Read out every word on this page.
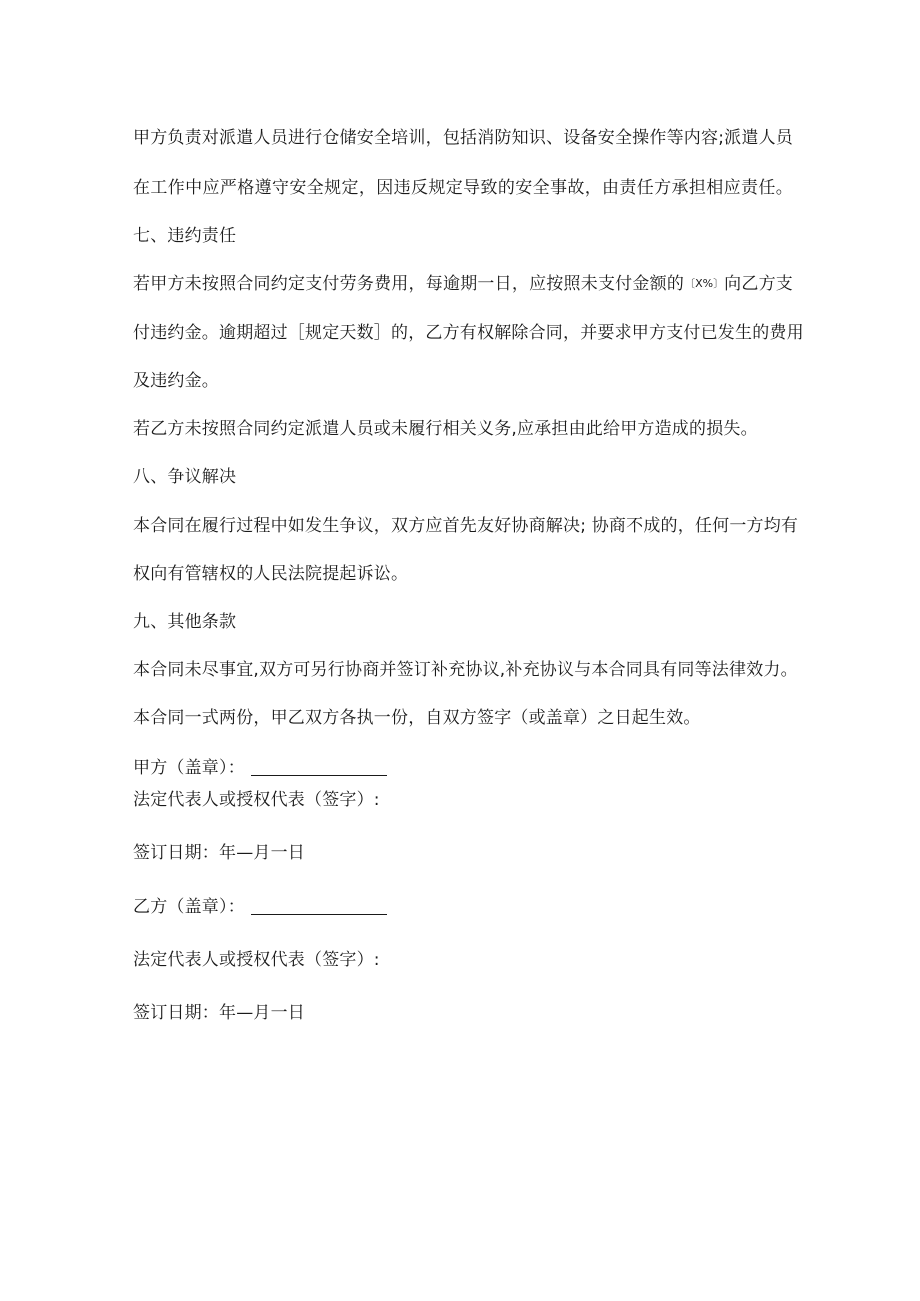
甲方负责对派遣人员进行仓储安全培训，包括消防知识、设备安全操作等内容;派遣人员
在工作中应严格遵守安全规定，因违反规定导致的安全事故，由责任方承担相应责任。
七、违约责任
若甲方未按照合同约定支付劳务费用，每逾期一日，应按照未支付金额的〔X%〕向乙方支
付违约金。逾期超过［规定天数］的，乙方有权解除合同，并要求甲方支付已发生的费用
及违约金。
若乙方未按照合同约定派遣人员或未履行相关义务,应承担由此给甲方造成的损失。
八、争议解决
本合同在履行过程中如发生争议，双方应首先友好协商解决; 协商不成的，任何一方均有
权向有管辖权的人民法院提起诉讼。
九、其他条款
本合同未尽事宜,双方可另行协商并签订补充协议,补充协议与本合同具有同等法律效力。
本合同一式两份，甲乙双方各执一份，自双方签字（或盖章）之日起生效。
甲方（盖章）：
法定代表人或授权代表（签字）:
签订日期：年—月一日
乙方（盖章）：
法定代表人或授权代表（签字）:
签订日期：年—月一日
